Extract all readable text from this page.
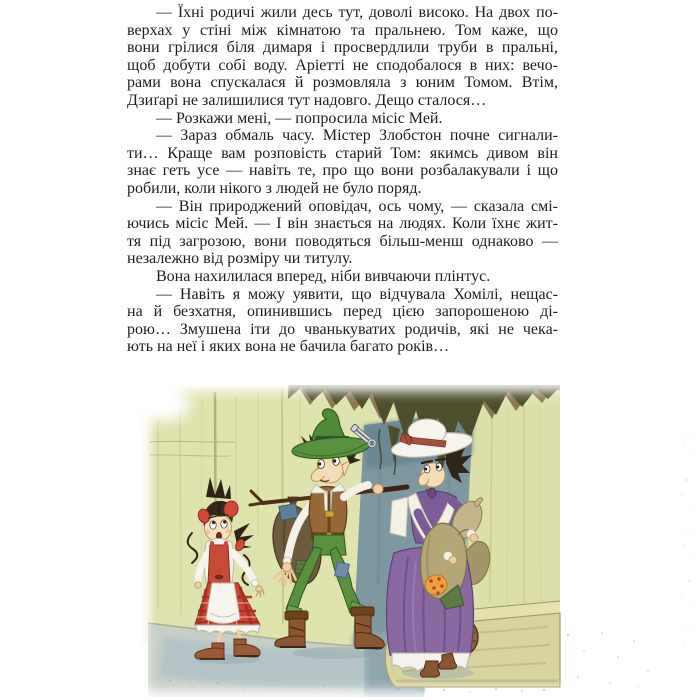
— Їхні родичі жили десь тут, доволі високо. На двох по-
верхах у стіні між кімнатою та пральнею. Том каже, що
вони грілися біля димаря і просвердлили труби в пральні,
щоб добути собі воду. Аріетті не сподобалося в них: вечо-
рами вона спускалася й розмовляла з юним Томом. Втім,
Дзиґарі не залишилися тут надовго. Дещо сталося…
— Розкажи мені, — попросила місіс Мей.
— Зараз обмаль часу. Містер Злобстон почне сигнали-
ти… Краще вам розповість старий Том: якимсь дивом він
знає геть усе — навіть те, про що вони розбалакували і що
робили, коли нікого з людей не було поряд.
— Він природжений оповідач, ось чому, — сказала смі-
ючись місіс Мей. — І він знається на людях. Коли їхнє жит-
тя під загрозою, вони поводяться більш-менш однаково —
незалежно від розміру чи титулу.
Вона нахилилася вперед, ніби вивчаючи плінтус.
— Навіть я можу уявити, що відчувала Хомілі, нещас-
на й безхатня, опинившись перед цією запорошеною ді-
рою… Змушена іти до чванькуватих родичів, які не чека-
ють на неї і яких вона не бачила багато років…
